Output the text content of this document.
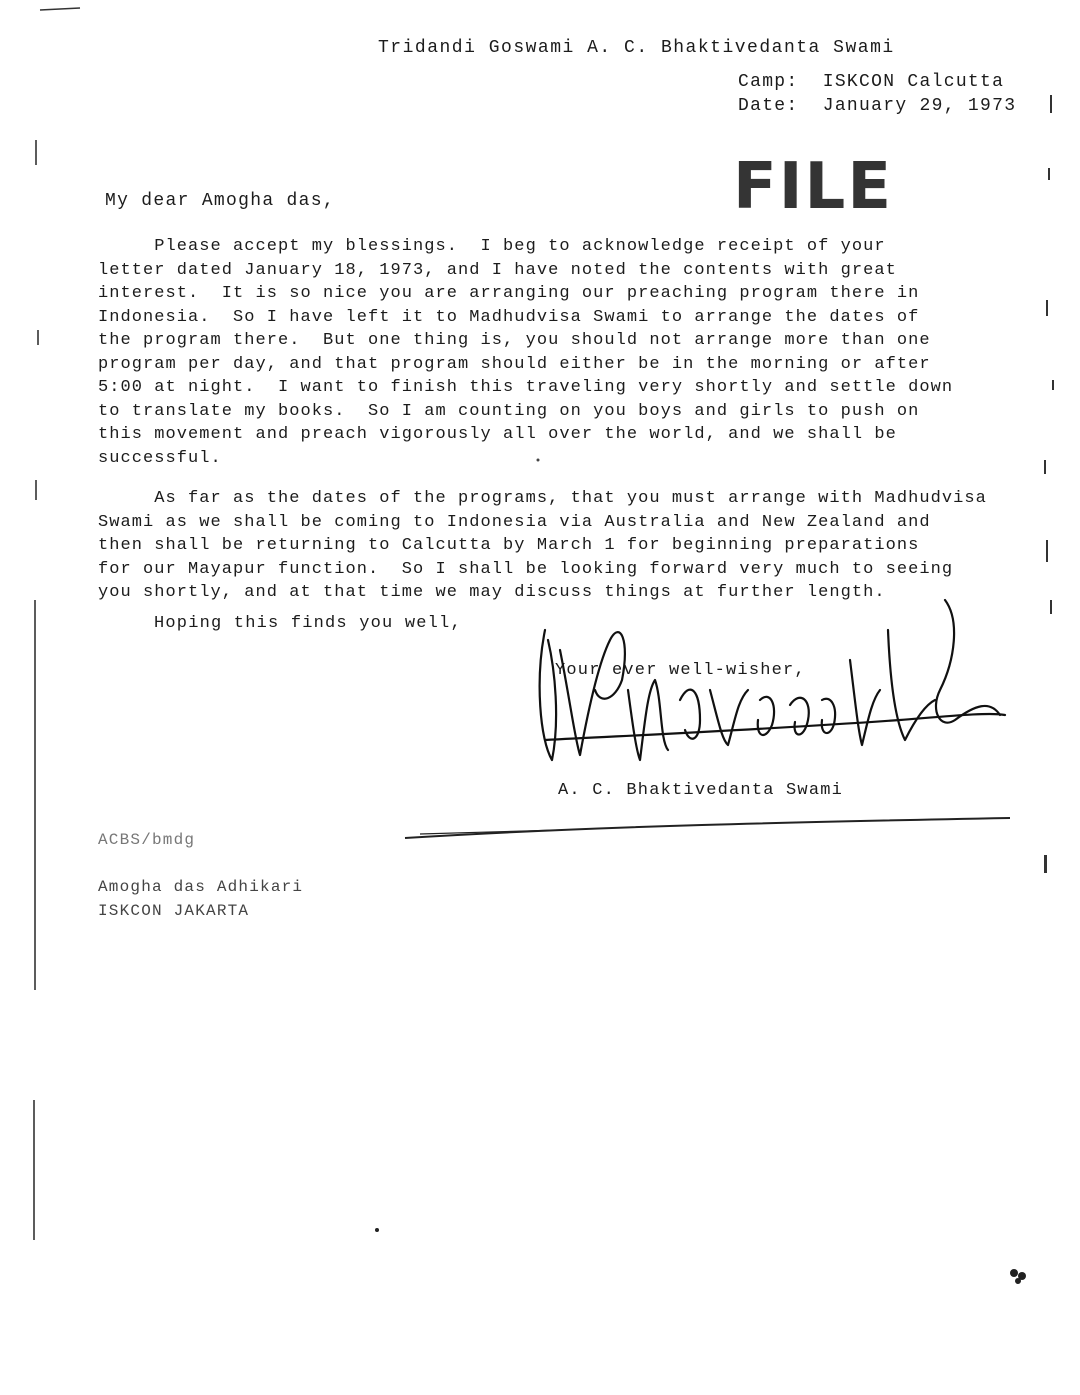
Tridandi Goswami A. C. Bhaktivedanta Swami
Camp:  ISKCON Calcutta
Date:  January 29, 1973
FILE
My dear Amogha das,
Please accept my blessings.  I beg to acknowledge receipt of your
letter dated January 18, 1973, and I have noted the contents with great
interest.  It is so nice you are arranging our preaching program there in
Indonesia.  So I have left it to Madhudvisa Swami to arrange the dates of
the program there.  But one thing is, you should not arrange more than one
program per day, and that program should either be in the morning or after
5:00 at night.  I want to finish this traveling very shortly and settle down
to translate my books.  So I am counting on you boys and girls to push on
this movement and preach vigorously all over the world, and we shall be
successful.
As far as the dates of the programs, that you must arrange with Madhudvisa
Swami as we shall be coming to Indonesia via Australia and New Zealand and
then shall be returning to Calcutta by March 1 for beginning preparations
for our Mayapur function.  So I shall be looking forward very much to seeing
you shortly, and at that time we may discuss things at further length.
Hoping this finds you well,
Your ever well-wisher,
A. C. Bhaktivedanta Swami
ACBS/bmdg
Amogha das Adhikari
ISKCON JAKARTA
